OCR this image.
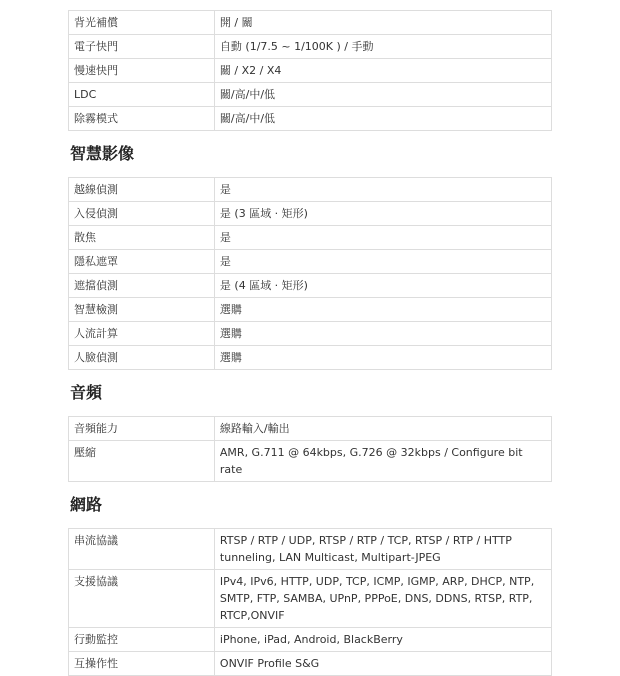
背光補償	開 / 關
電子快門	自動 (1/7.5 ~ 1/100K ) / 手動
慢速快門	關 / X2 / X4
LDC	關/高/中/低
除霧模式	關/高/中/低
智慧影像
越線偵測	是
入侵偵測	是 (3 區域 · 矩形)
散焦	是
隱私遮罩	是
遮擋偵測	是 (4 區域 · 矩形)
智慧檢測	選購
人流計算	選購
人臉偵測	選購
音頻
音頻能力	線路輸入/輸出
壓縮	AMR, G.711 @ 64kbps, G.726 @ 32kbps / Configure bit rate
網路
串流協議	RTSP / RTP / UDP, RTSP / RTP / TCP, RTSP / RTP / HTTP tunneling, LAN Multicast, Multipart-JPEG
支援協議	IPv4, IPv6, HTTP, UDP, TCP, ICMP, IGMP, ARP, DHCP, NTP, SMTP, FTP, SAMBA, UPnP, PPPoE, DNS, DDNS, RTSP, RTP, RTCP,ONVIF
行動監控	iPhone, iPad, Android, BlackBerry
互操作性	ONVIF Profile S&G
